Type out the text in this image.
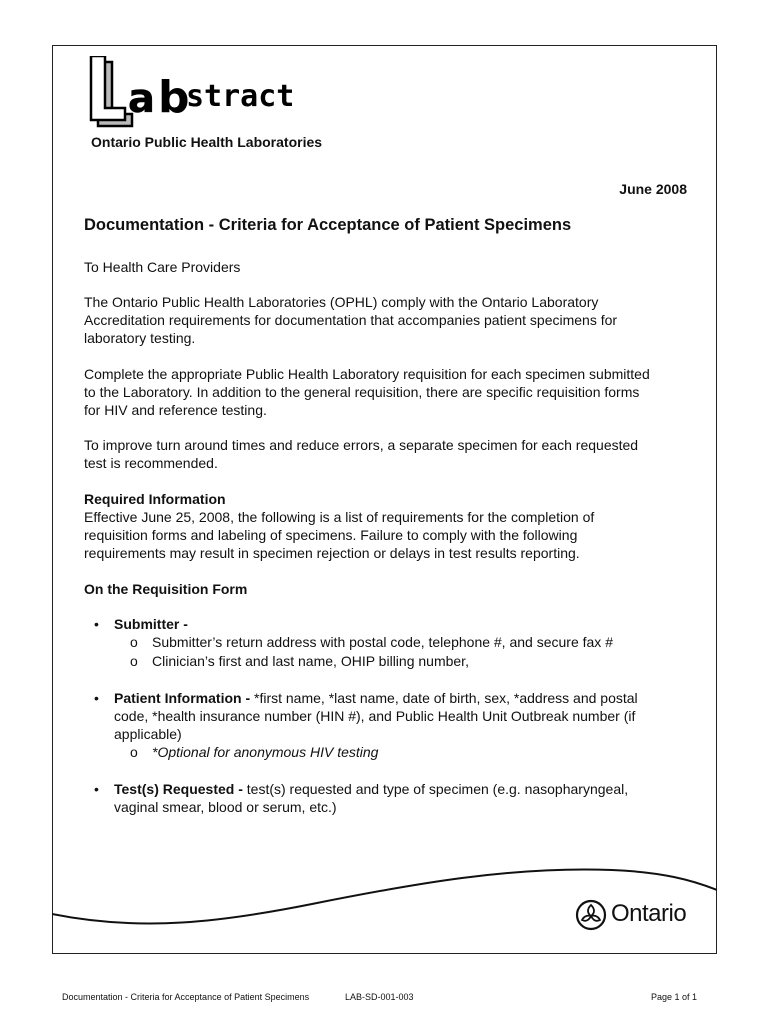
a b
stract
Ontario Public Health Laboratories
June 2008
Documentation - Criteria for Acceptance of Patient Specimens
To Health Care Providers
The Ontario Public Health Laboratories (OPHL) comply with the Ontario Laboratory
Accreditation requirements for documentation that accompanies patient specimens for
laboratory testing.
Complete the appropriate Public Health Laboratory requisition for each specimen submitted
to the Laboratory. In addition to the general requisition, there are specific requisition forms
for HIV and reference testing.
To improve turn around times and reduce errors, a separate specimen for each requested
test is recommended.
Required Information
Effective June 25, 2008, the following is a list of requirements for the completion of
requisition forms and labeling of specimens. Failure to comply with the following
requirements may result in specimen rejection or delays in test results reporting.
On the Requisition Form
• Submitter -
o Submitter’s return address with postal code, telephone #, and secure fax #
o Clinician’s first and last name, OHIP billing number,
• Patient Information - *first name, *last name, date of birth, sex, *address and postal
code, *health insurance number (HIN #), and Public Health Unit Outbreak number (if
applicable)
o *Optional for anonymous HIV testing
• Test(s) Requested - test(s) requested and type of specimen (e.g. nasopharyngeal,
vaginal smear, blood or serum, etc.)
Ontario
Documentation - Criteria for Acceptance of Patient Specimens	LAB-SD-001-003	Page 1 of 1
